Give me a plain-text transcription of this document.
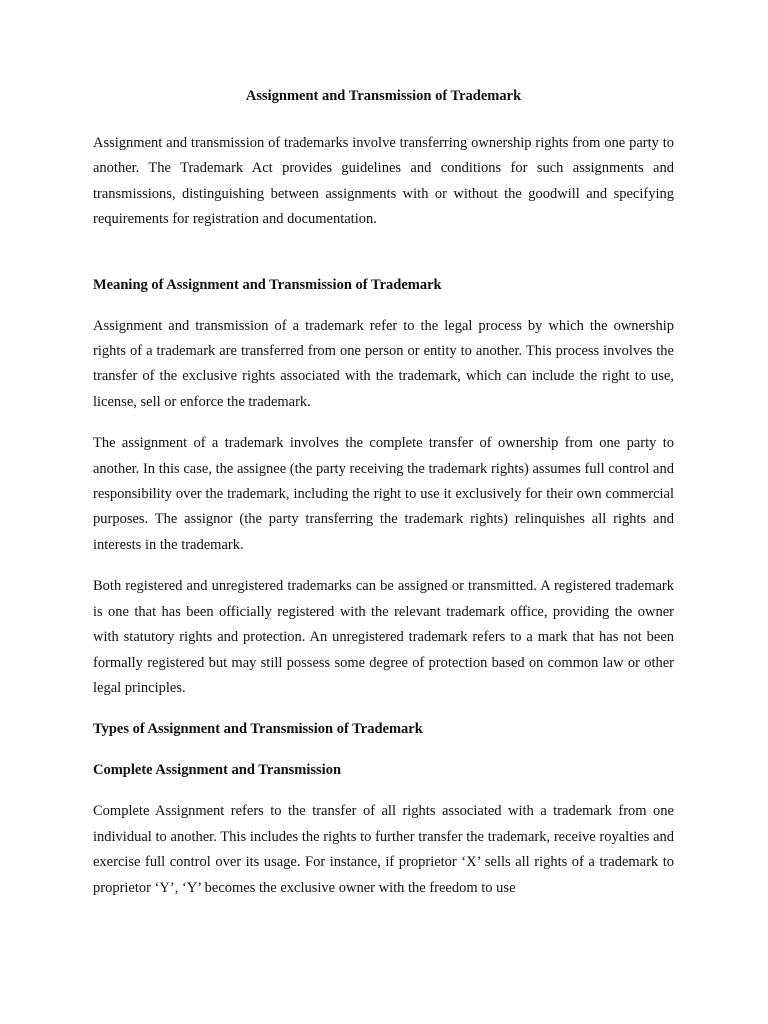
Assignment and Transmission of Trademark

Assignment and transmission of trademarks involve transferring ownership rights from one party to another. The Trademark Act provides guidelines and conditions for such assignments and transmissions, distinguishing between assignments with or without the goodwill and specifying requirements for registration and documentation.

Meaning of Assignment and Transmission of Trademark

Assignment and transmission of a trademark refer to the legal process by which the ownership rights of a trademark are transferred from one person or entity to another. This process involves the transfer of the exclusive rights associated with the trademark, which can include the right to use, license, sell or enforce the trademark.

The assignment of a trademark involves the complete transfer of ownership from one party to another. In this case, the assignee (the party receiving the trademark rights) assumes full control and responsibility over the trademark, including the right to use it exclusively for their own commercial purposes. The assignor (the party transferring the trademark rights) relinquishes all rights and interests in the trademark.

Both registered and unregistered trademarks can be assigned or transmitted. A registered trademark is one that has been officially registered with the relevant trademark office, providing the owner with statutory rights and protection. An unregistered trademark refers to a mark that has not been formally registered but may still possess some degree of protection based on common law or other legal principles.

Types of Assignment and Transmission of Trademark
Complete Assignment and Transmission

Complete Assignment refers to the transfer of all rights associated with a trademark from one individual to another. This includes the rights to further transfer the trademark, receive royalties and exercise full control over its usage. For instance, if proprietor ‘X’ sells all rights of a trademark to proprietor ‘Y’, ‘Y’ becomes the exclusive owner with the freedom to use
